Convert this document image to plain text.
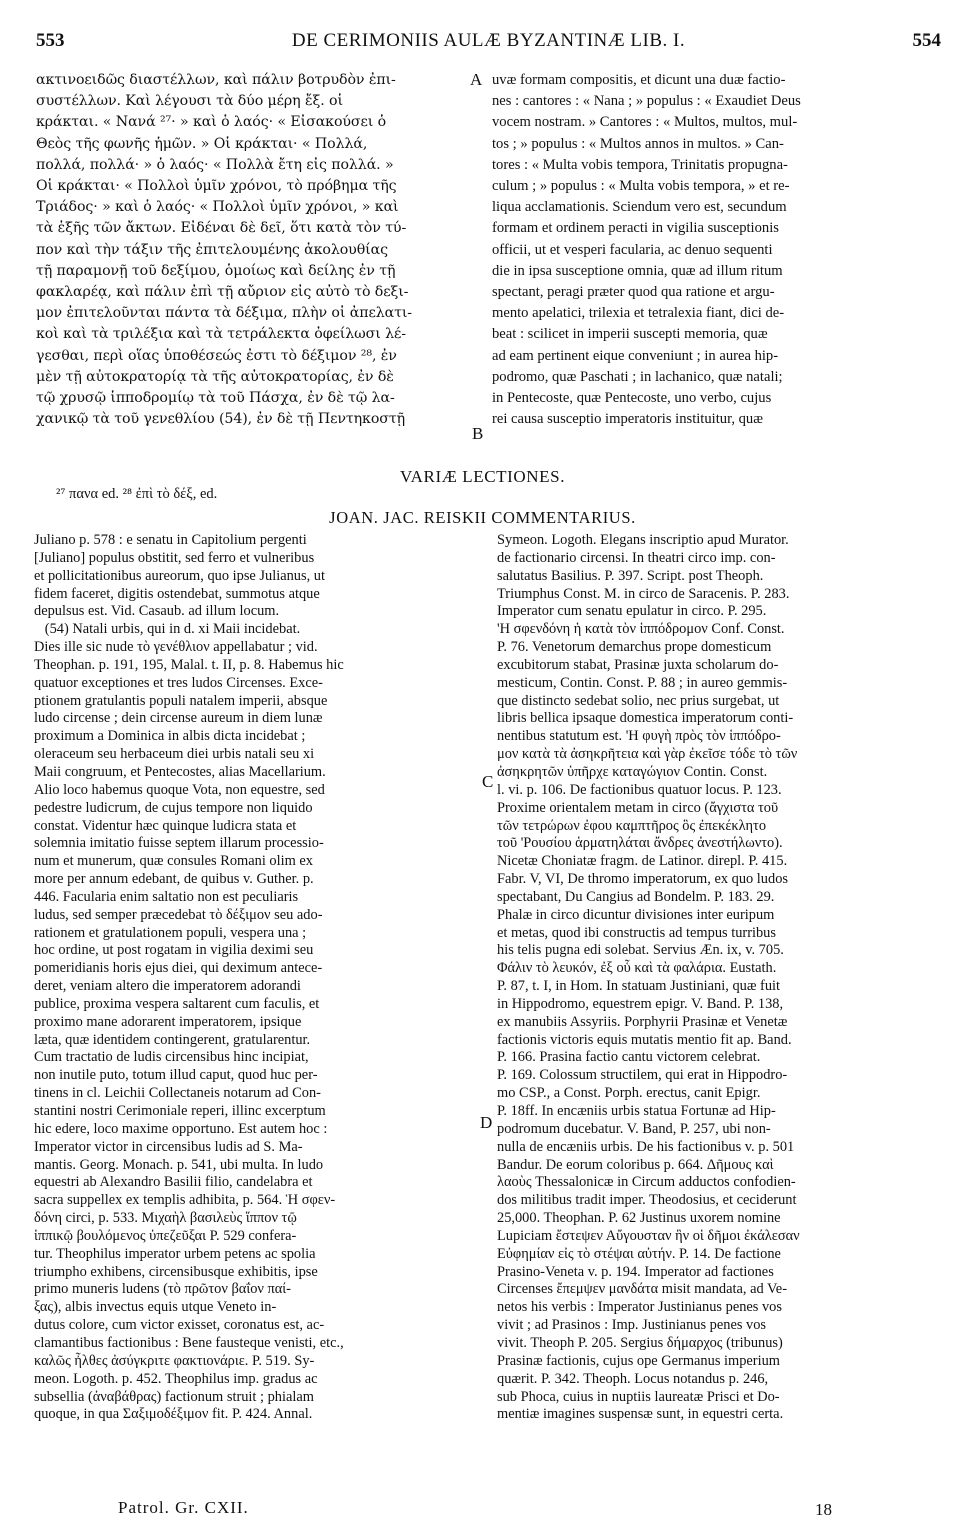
553	DE CERIMONIIS AULÆ BYZANTINÆ LIB. I.	554
ακτινοειδῶς διαστέλλων, καὶ πάλιν βοτρυδὸν ἐπι-
συστέλλων. Καὶ λέγουσι τὰ δύο μέρη ἔξ. οἱ
κράκται. « Νανά ²⁷· » καὶ ὁ λαός· « Εἰσακούσει ὁ
Θεὸς τῆς φωνῆς ἡμῶν. » Οἱ κράκται· « Πολλά,
πολλά, πολλά· » ὁ λαός· « Πολλὰ ἔτη εἰς πολλά. »
Οἱ κράκται· « Πολλοὶ ὑμῖν χρόνοι, τὸ πρόβημα τῆς
Τριάδος· » καὶ ὁ λαός· « Πολλοὶ ὑμῖν χρόνοι, » καὶ
τὰ ἑξῆς τῶν ἄκτων. Εἰδέναι δὲ δεῖ, ὅτι κατὰ τὸν τύ-
πον καὶ τὴν τάξιν τῆς ἐπιτελουμένης ἀκολουθίας
τῇ παραμονῇ τοῦ δεξίμου, ὁμοίως καὶ δείλης ἐν τῇ
φακλαρέᾳ, καὶ πάλιν ἐπὶ τῇ αὔριον εἰς αὐτὸ τὸ δεξι-
μον ἐπιτελοῦνται πάντα τὰ δέξιμα, πλὴν οἱ ἀπελατι-
κοὶ καὶ τὰ τριλέξια καὶ τὰ τετράλεκτα ὀφείλωσι λέ-
γεσθαι, περὶ οἵας ὑποθέσεώς ἐστι τὸ δέξιμον ²⁸, ἐν
μὲν τῇ αὐτοκρατορίᾳ τὰ τῆς αὐτοκρατορίας, ἐν δὲ
τῷ χρυσῷ ἱπποδρομίῳ τὰ τοῦ Πάσχα, ἐν δὲ τῷ λα-
χανικῷ τὰ τοῦ γενεθλίου (54), ἐν δὲ τῇ Πεντηκοστῇ
uvæ formam compositis, et dicunt una duæ factio-
nes : cantores : « Nana ; » populus : « Exaudiet Deus
vocem nostram. » Cantores : « Multos, multos, mul-
tos ; » populus : « Multos annos in multos. » Can-
tores : « Multa vobis tempora, Trinitatis propugna-
culum ; » populus : « Multa vobis tempora, » et re-
liqua acclamationis. Sciendum vero est, secundum
formam et ordinem peracti in vigilia susceptionis
officii, ut et vesperi facularia, ac denuo sequenti
die in ipsa susceptione omnia, quæ ad illum ritum
spectant, peragi præter quod qua ratione et argu-
mento apelatici, trilexia et tetralexia fiant, dici de-
beat : scilicet in imperii suscepti memoria, quæ
ad eam pertinent eique conveniunt ; in aurea hip-
podromo, quæ Paschati ; in lachanico, quæ natali;
in Pentecoste, quæ Pentecoste, uno verbo, cujus
rei causa susceptio imperatoris instituitur, quæ
A
B
C
D
VARIÆ LECTIONES.
²⁷ πανα ed. ²⁸ ἐπὶ τὸ δέξ, ed.
JOAN. JAC. REISKII COMMENTARIUS.
Juliano p. 578 : e senatu in Capitolium pergenti
[Juliano] populus obstitit, sed ferro et vulneribus
et pollicitationibus aureorum, quo ipse Julianus, ut
fidem faceret, digitis ostendebat, summotus atque
depulsus est. Vid. Casaub. ad illum locum.
(54) Natali urbis, qui in d. xi Maii incidebat.
Dies ille sic nude τὸ γενέθλιον appellabatur ; vid.
Theophan. p. 191, 195, Malal. t. II, p. 8. Habemus hic
quatuor exceptiones et tres ludos Circenses. Exce-
ptionem gratulantis populi natalem imperii, absque
ludo circense ; dein circense aureum in diem lunæ
proximum a Dominica in albis dicta incidebat ;
oleraceum seu herbaceum diei urbis natali seu xi
Maii congruum, et Pentecostes, alias Macellarium.
Alio loco habemus quoque Vota, non equestre, sed
pedestre ludicrum, de cujus tempore non liquido
constat. Videntur hæc quinque ludicra stata et
solemnia imitatio fuisse septem illarum processio-
num et munerum, quæ consules Romani olim ex
more per annum edebant, de quibus v. Guther. p.
446. Facularia enim saltatio non est peculiaris
ludus, sed semper præcedebat τὸ δέξιμον seu ado-
rationem et gratulationem populi, vespera una ;
hoc ordine, ut post rogatam in vigilia deximi seu
pomeridianis horis ejus diei, qui deximum antece-
deret, veniam altero die imperatorem adorandi
publice, proxima vespera saltarent cum faculis, et
proximo mane adorarent imperatorem, ipsique
læta, quæ identidem contingerent, gratularentur.
Cum tractatio de ludis circensibus hinc incipiat,
non inutile puto, totum illud caput, quod huc per-
tinens in cl. Leichii Collectaneis notarum ad Con-
stantini nostri Cerimoniale reperi, illinc excerptum
hic edere, loco maxime opportuno. Est autem hoc :
Imperator victor in circensibus ludis ad S. Ma-
mantis. Georg. Monach. p. 541, ubi multa. In ludo
equestri ab Alexandro Basilii filio, candelabra et
sacra suppellex ex templis adhibita, p. 564. Ἡ σφεν-
δόνη circi, p. 533. Μιχαὴλ βασιλεὺς ἵππον τῷ
ἱππικῷ βουλόμενος ὑπεζεῦξαι P. 529 confera-
tur. Theophilus imperator urbem petens ac spolia
triumpho exhibens, circensibusque exhibitis, ipse
primo muneris ludens (τὸ πρῶτον βαΐον παί-
ξας), albis invectus equis utque Veneto in-
dutus colore, cum victor exisset, coronatus est, ac-
clamantibus factionibus : Bene fausteque venisti, etc.,
καλῶς ἦλθες ἀσύγκριτε φακτιονάριε. P. 519. Sy-
meon. Logoth. p. 452. Theophilus imp. gradus ac
subsellia (ἀναβάθρας) factionum struit ; phialam
quoque, in qua Σαξιμοδέξιμον fit. P. 424. Annal.
Symeon. Logoth. Elegans inscriptio apud Murator.
de factionario circensi. In theatri circo imp. con-
salutatus Basilius. P. 397. Script. post Theoph.
Triumphus Const. M. in circo de Saracenis. P. 283.
Imperator cum senatu epulatur in circo. P. 295.
'Η σφενδόνη ἡ κατὰ τὸν ἱππόδρομον Conf. Const.
P. 76. Venetorum demarchus prope domesticum
excubitorum stabat, Prasinæ juxta scholarum do-
mesticum, Contin. Const. P. 88 ; in aureo gemmis-
que distincto sedebat solio, nec prius surgebat, ut
libris bellica ipsaque domestica imperatorum conti-
nentibus statutum est. 'Η φυγὴ πρὸς τὸν ἱππόδρο-
μον κατὰ τὰ ἀσηκρῆτεια καὶ γὰρ ἐκεῖσε τόδε τὸ τῶν
ἀσηκρητῶν ὑπῆρχε καταγώγιον Contin. Const.
l. vi. p. 106. De factionibus quatuor locus. P. 123.
Proxime orientalem metam in circo (ἄγχιστα τοῦ
τῶν τετρώρων ἐφου καμπτῆρος ὃς ἐπεκέκλητο
τοῦ 'Ρουσίου ἁρματηλάται ἄνδρες ἀνεστήλωντο).
Nicetæ Choniatæ fragm. de Latinor. direpl. P. 415.
Fabr. V, VI, De thromo imperatorum, ex quo ludos
spectabant, Du Cangius ad Bondelm. P. 183. 29.
Phalæ in circo dicuntur divisiones inter euripum
et metas, quod ibi constructis ad tempus turribus
his telis pugna edi solebat. Servius Æn. ix, v. 705.
Φάλιν τὸ λευκόν, ἐξ οὗ καὶ τὰ φαλάρια. Eustath.
P. 87, t. I, in Hom. In statuam Justiniani, quæ fuit
in Hippodromo, equestrem epigr. V. Band. P. 138,
ex manubiis Assyriis. Porphyrii Prasinæ et Venetæ
factionis victoris equis mutatis mentio fit ap. Band.
P. 166. Prasina factio cantu victorem celebrat.
P. 169. Colossum structilem, qui erat in Hippodro-
mo CSP., a Const. Porph. erectus, canit Epigr.
P. 18ff. In encæniis urbis statua Fortunæ ad Hip-
podromum ducebatur. V. Band, P. 257, ubi non-
nulla de encæniis urbis. De his factionibus v. p. 501
Bandur. De eorum coloribus p. 664. Δῆμους καὶ
λαοὺς Thessalonicæ in Circum adductos confodien-
dos militibus tradit imper. Theodosius, et ceciderunt
25,000. Theophan. P. 62 Justinus uxorem nomine
Lupiciam ἔστεψεν Αὔγουσταν ἣν οἱ δῆμοι ἐκάλεσαν
Εὐφημίαν εἰς τὸ στέψαι αὐτήν. P. 14. De factione
Prasino-Veneta v. p. 194. Imperator ad factiones
Circenses ἔπεμψεν μανδάτα misit mandata, ad Ve-
netos his verbis : Imperator Justinianus penes vos
vivit ; ad Prasinos : Imp. Justinianus penes vos
vivit. Theoph P. 205. Sergius δήμαρχος (tribunus)
Prasinæ factionis, cujus ope Germanus imperium
quærit. P. 342. Theoph. Locus notandus p. 246,
sub Phoca, cuius in nuptiis laureatæ Prisci et Do-
mentiæ imagines suspensæ sunt, in equestri certa.
Patrol. Gr. CXII.	18
